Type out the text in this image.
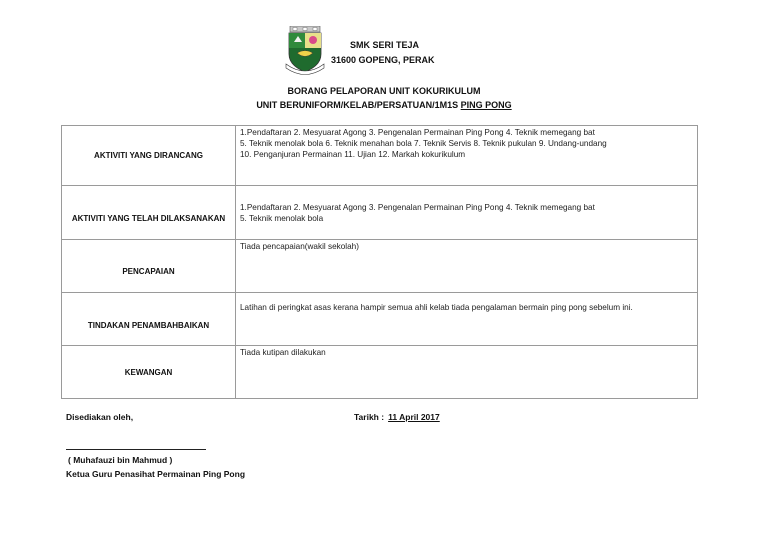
SMK SERI TEJA
31600 GOPENG, PERAK
BORANG PELAPORAN UNIT KOKURIKULUM
UNIT BERUNIFORM/KELAB/PERSATUAN/1M1S PING PONG
AKTIVITI YANG DIRANCANG	1.Pendaftaran 2. Mesyuarat Agong 3. Pengenalan Permainan Ping Pong 4. Teknik memegang bat
5. Teknik menolak bola 6. Teknik menahan bola 7. Teknik Servis 8. Teknik pukulan 9. Undang-undang
10. Penganjuran Permainan 11. Ujian 12. Markah kokurikulum

AKTIVITI YANG TELAH DILAKSANAKAN	1.Pendaftaran 2. Mesyuarat Agong 3. Pengenalan Permainan Ping Pong 4. Teknik memegang bat
5. Teknik menolak bola

PENCAPAIAN	Tiada pencapaian(wakil sekolah)

TINDAKAN PENAMBAHBAIKAN	Latihan di peringkat asas kerana hampir semua ahli kelab tiada pengalaman bermain ping pong sebelum ini.

KEWANGAN	Tiada kutipan dilakukan
Disediakan oleh,	Tarikh : 11 April 2017
( Muhafauzi bin Mahmud )
Ketua Guru Penasihat Permainan Ping Pong
